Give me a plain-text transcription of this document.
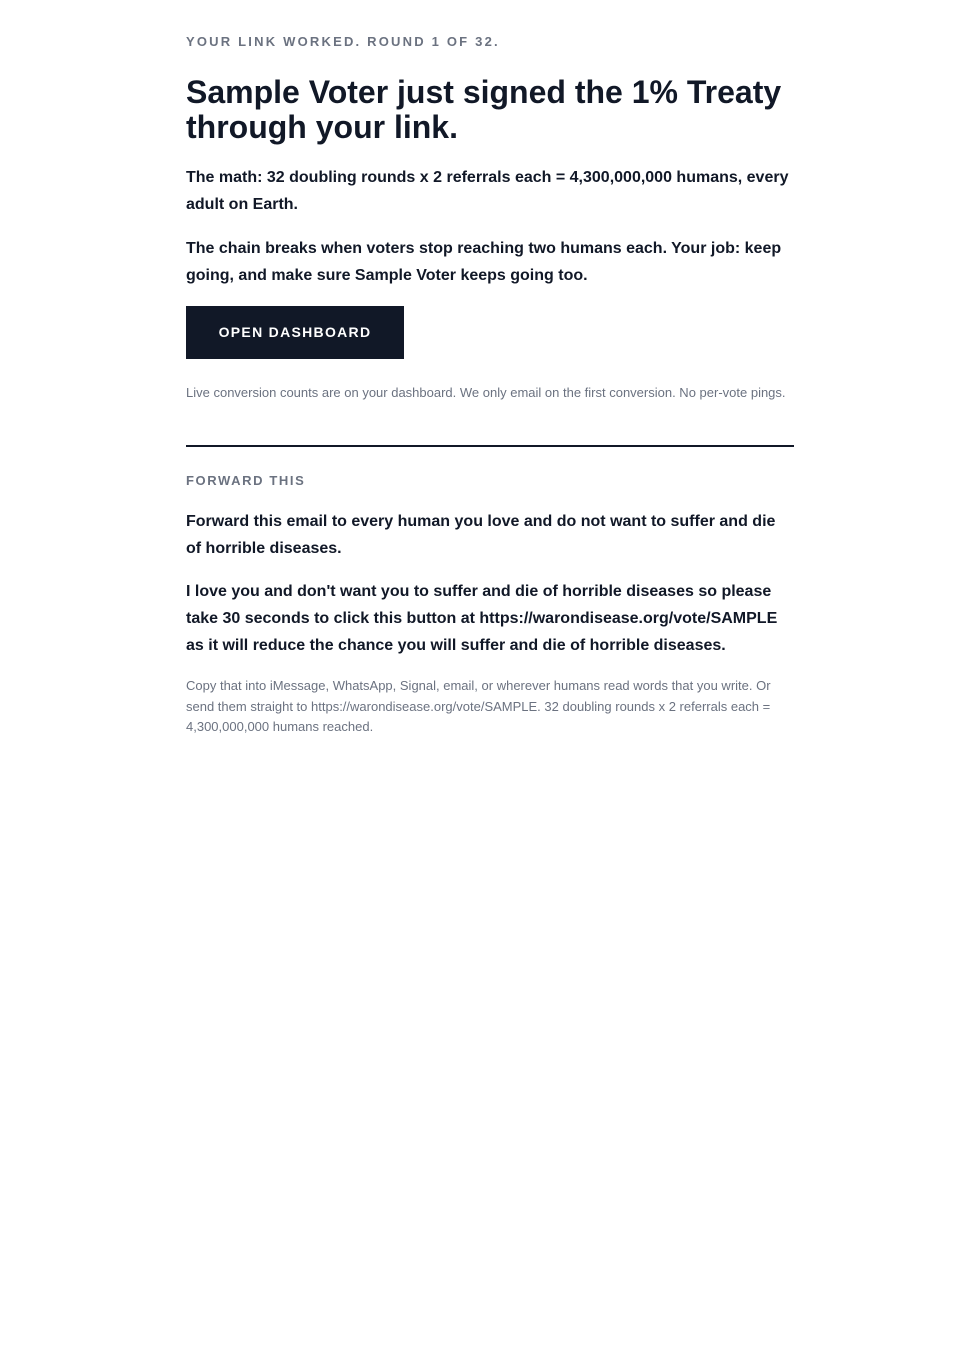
YOUR LINK WORKED. ROUND 1 OF 32.

Sample Voter just signed the 1% Treaty through your link.

The math: 32 doubling rounds x 2 referrals each = 4,300,000,000 humans, every adult on Earth.

The chain breaks when voters stop reaching two humans each. Your job: keep going, and make sure Sample Voter keeps going too.

OPEN DASHBOARD

Live conversion counts are on your dashboard. We only email on the first conversion. No per-vote pings.

FORWARD THIS

Forward this email to every human you love and do not want to suffer and die of horrible diseases.

I love you and don't want you to suffer and die of horrible diseases so please take 30 seconds to click this button at https://warondisease.org/vote/SAMPLE as it will reduce the chance you will suffer and die of horrible diseases.

Copy that into iMessage, WhatsApp, Signal, email, or wherever humans read words that you write. Or send them straight to https://warondisease.org/vote/SAMPLE. 32 doubling rounds x 2 referrals each = 4,300,000,000 humans reached.
